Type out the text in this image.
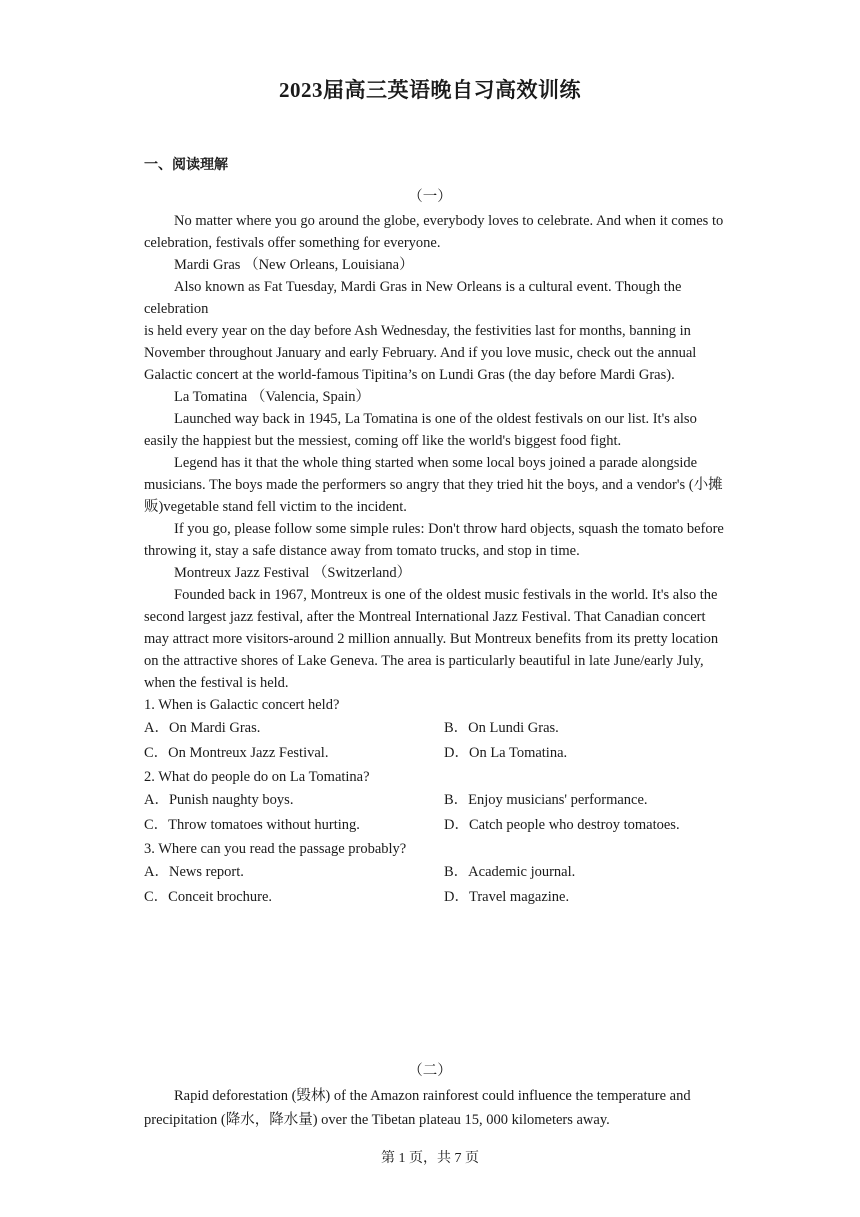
2023届高三英语晚自习高效训练
一、阅读理解
（一）

No matter where you go around the globe, everybody loves to celebrate. And when it comes to celebration, festivals offer something for everyone.

Mardi Gras （New Orleans, Louisiana）

Also known as Fat Tuesday, Mardi Gras in New Orleans is a cultural event. Though the celebration

is held every year on the day before Ash Wednesday, the festivities last for months, banning in November throughout January and early February. And if you love music, check out the annual Galactic concert at the world-famous Tipitina’s on Lundi Gras (the day before Mardi Gras).

La Tomatina （Valencia, Spain）

Launched way back in 1945, La Tomatina is one of the oldest festivals on our list. It's also easily the happiest but the messiest, coming off like the world's biggest food fight.

Legend has it that the whole thing started when some local boys joined a parade alongside musicians. The boys made the performers so angry that they tried hit the boys, and a vendor's (小摊贩)vegetable stand fell victim to the incident.

If you go, please follow some simple rules: Don't throw hard objects, squash the tomato before throwing it, stay a safe distance away from tomato trucks, and stop in time.

Montreux Jazz Festival （Switzerland）

Founded back in 1967, Montreux is one of the oldest music festivals in the world. It's also the second largest jazz festival, after the Montreal International Jazz Festival. That Canadian concert may attract more visitors-around 2 million annually. But Montreux benefits from its pretty location on the attractive shores of Lake Geneva. The area is particularly beautiful in late June/early July, when the festival is held.

1. When is Galactic concert held?

A．On Mardi Gras.	B．On Lundi Gras.
C．On Montreux Jazz Festival.	D．On La Tomatina.

2. What do people do on La Tomatina?

A．Punish naughty boys.	B．Enjoy musicians' performance.
C．Throw tomatoes without hurting.	D．Catch people who destroy tomatoes.

3. Where can you read the passage probably?

A．News report.	B．Academic journal.
C．Conceit brochure.	D．Travel magazine.
（二）

Rapid deforestation (毁林) of the Amazon rainforest could influence the temperature and precipitation (降水，降水量) over the Tibetan plateau 15, 000 kilometers away.

第 1 页，共 7 页
